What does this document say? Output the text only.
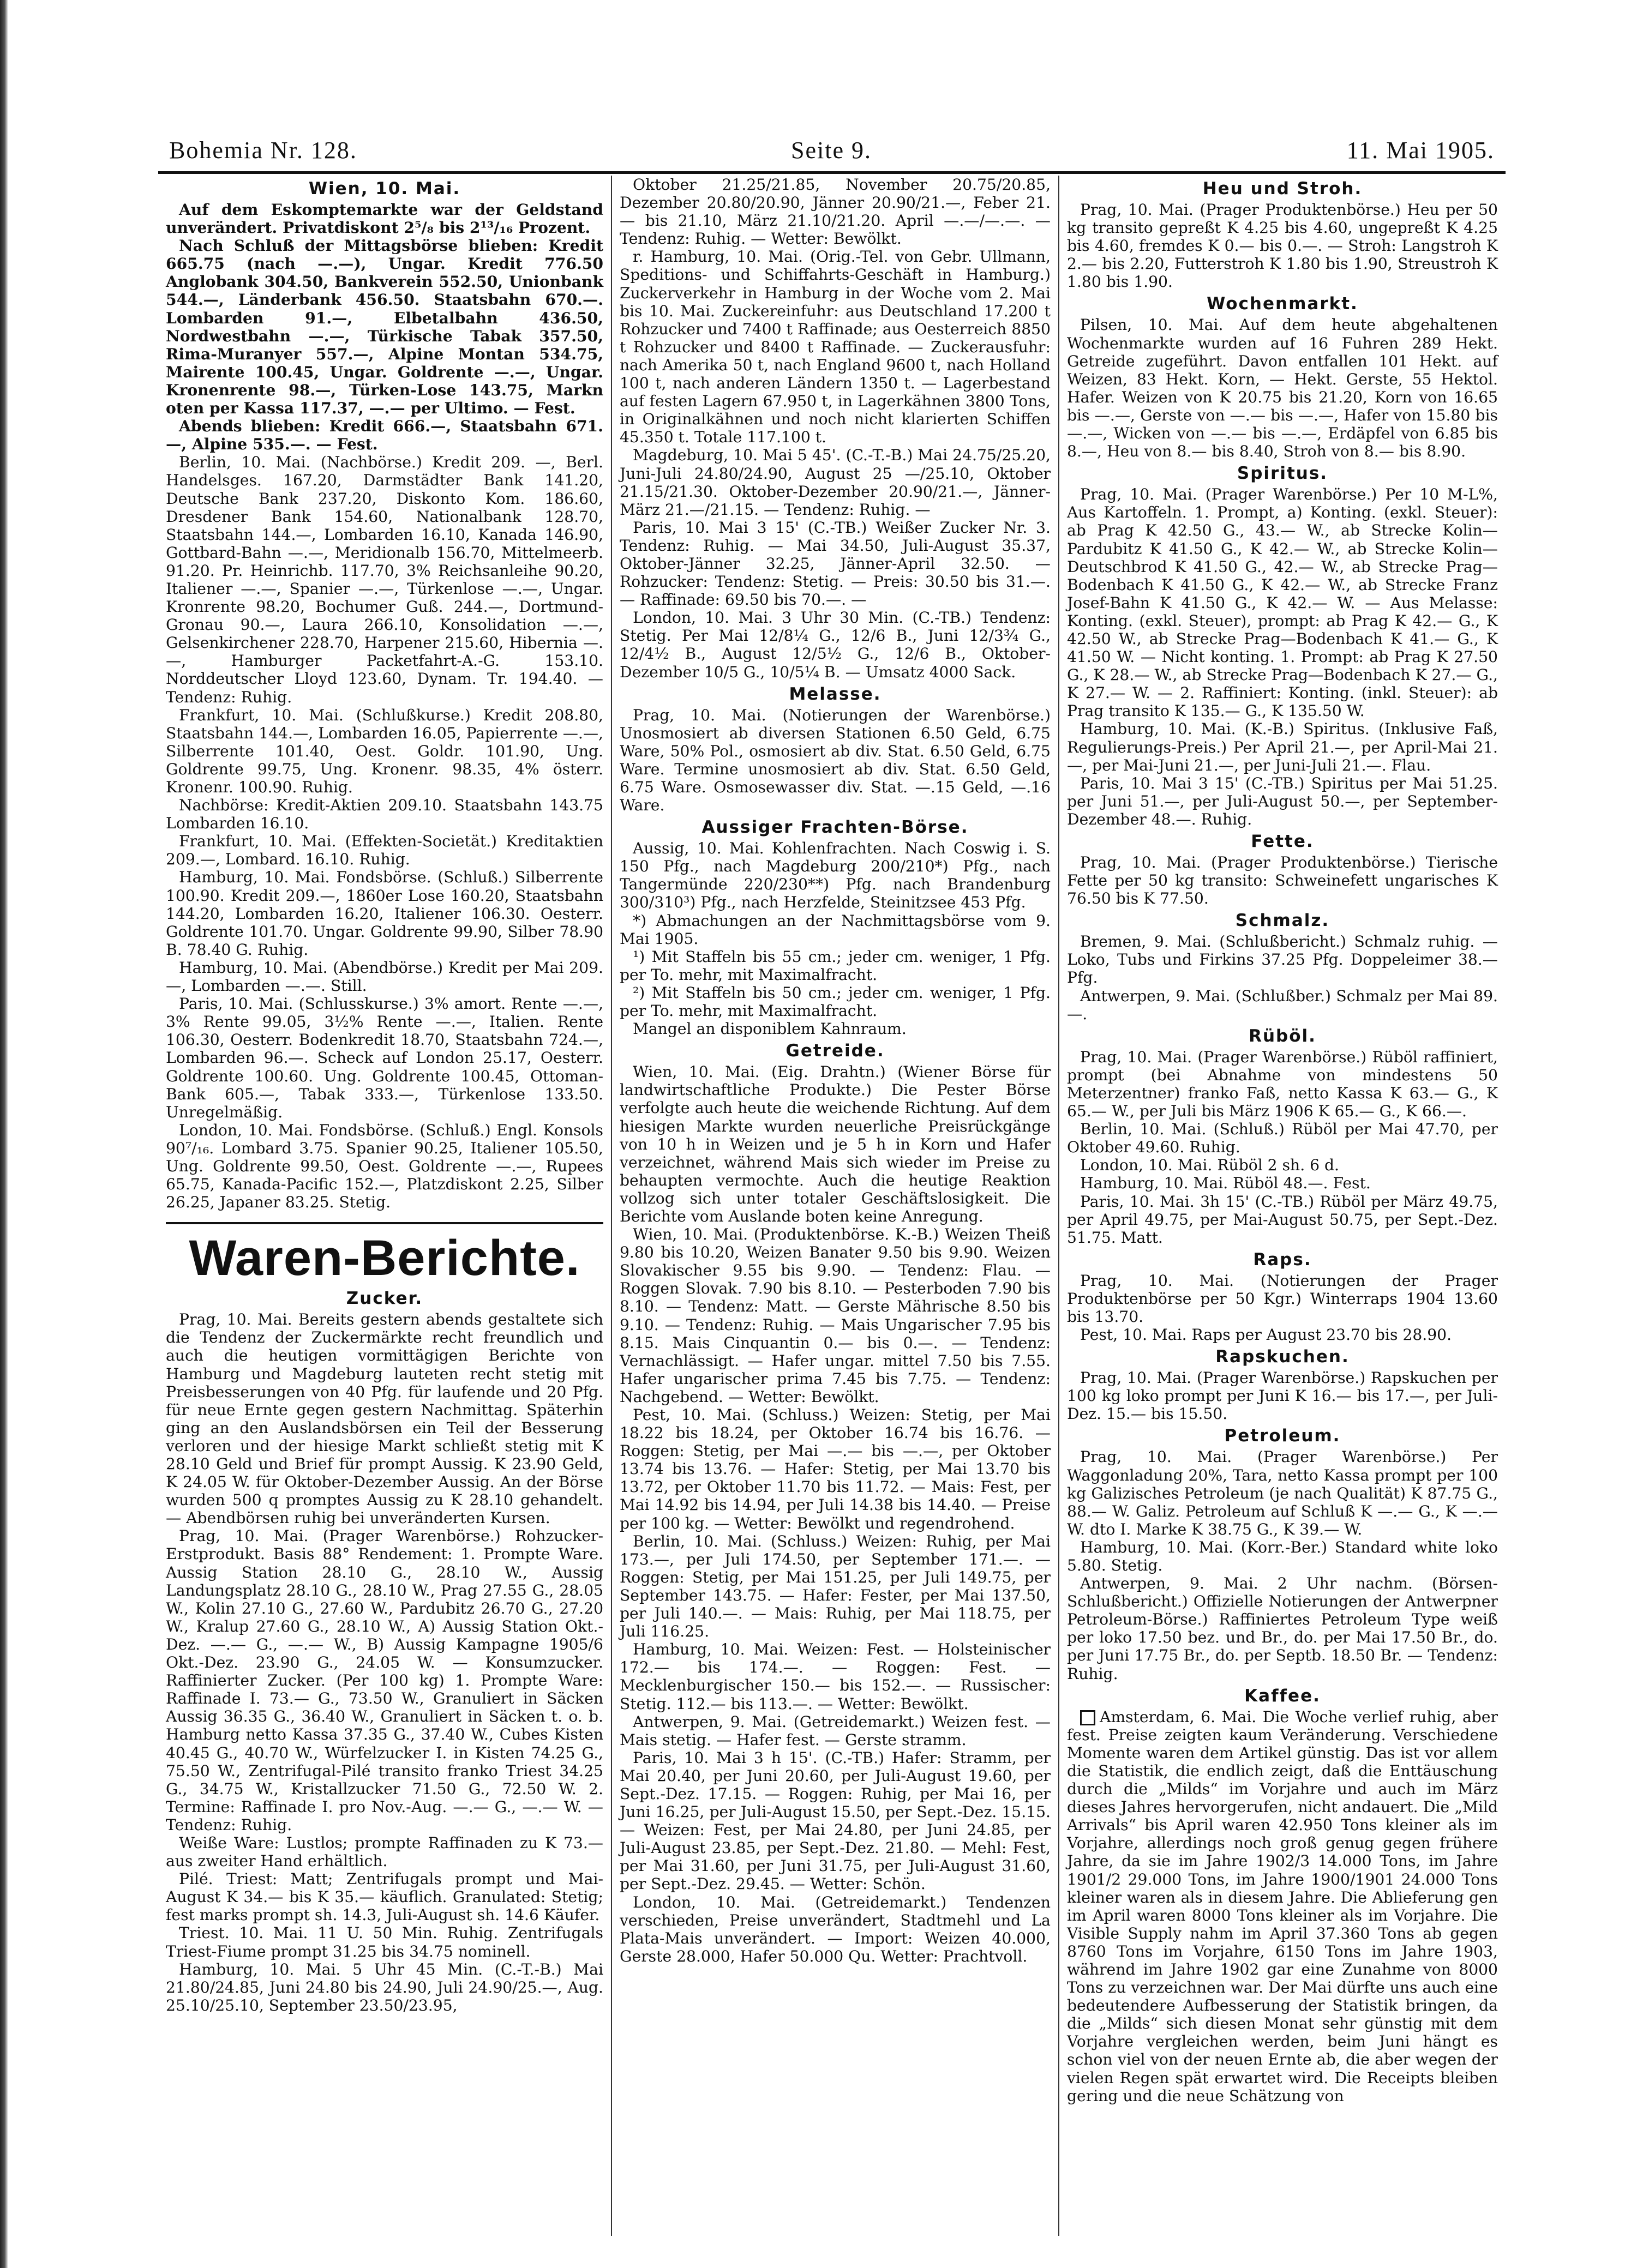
Bohemia Nr. 128.	Seite 9.	11. Mai 1905.
Wien, 10. Mai.

Auf dem Eskomptemarkte war der Geldstand unverändert. Privatdiskont 2⁵/₈ bis 2¹³/₁₆ Prozent.

Nach Schluß der Mittagsbörse blieben: Kredit 665.75 (nach —.—), Ungar. Kredit 776.50 Anglobank 304.50, Bankverein 552.50, Unionbank 544.—, Länderbank 456.50. Staatsbahn 670.—. Lombarden 91.—, Elbetalbahn 436.50, Nordwestbahn —.—, Türkische Tabak 357.50, Rima-Muranyer 557.—, Alpine Montan 534.75, Mairente 100.45, Ungar. Goldrente —.—, Ungar. Kronenrente 98.—, Türken-Lose 143.75, Markn oten per Kassa 117.37, —.— per Ultimo. — Fest.

Abends blieben: Kredit 666.—, Staatsbahn 671.—, Alpine 535.—. — Fest.

Berlin, 10. Mai. (Nachbörse.) Kredit 209. —, Berl. Handelsges. 167.20, Darmstädter Bank 141.20, Deutsche Bank 237.20, Diskonto Kom. 186.60, Dresdener Bank 154.60, Nationalbank 128.70, Staatsbahn 144.—, Lombarden 16.10, Kanada 146.90, Gottbard-Bahn —.—, Meridionalb 156.70, Mittelmeerb. 91.20. Pr. Heinrichb. 117.70, 3% Reichsanleihe 90.20, Italiener —.—, Spanier —.—, Türkenlose —.—, Ungar. Kronrente 98.20, Bochumer Guß. 244.—, Dortmund-Gronau 90.—, Laura 266.10, Konsolidation —.—, Gelsenkirchener 228.70, Harpener 215.60, Hibernia —.—, Hamburger Packetfahrt-A.-G. 153.10. Norddeutscher Lloyd 123.60, Dynam. Tr. 194.40. — Tendenz: Ruhig.

Frankfurt, 10. Mai. (Schlußkurse.) Kredit 208.80, Staatsbahn 144.—, Lombarden 16.05, Papierrente —.—, Silberrente 101.40, Oest. Goldr. 101.90, Ung. Goldrente 99.75, Ung. Kronenr. 98.35, 4% österr. Kronenr. 100.90. Ruhig.

Nachbörse: Kredit-Aktien 209.10. Staatsbahn 143.75 Lombarden 16.10.

Frankfurt, 10. Mai. (Effekten-Societät.) Kreditaktien 209.—, Lombard. 16.10. Ruhig.

Hamburg, 10. Mai. Fondsbörse. (Schluß.) Silberrente 100.90. Kredit 209.—, 1860er Lose 160.20, Staatsbahn 144.20, Lombarden 16.20, Italiener 106.30. Oesterr. Goldrente 101.70. Ungar. Goldrente 99.90, Silber 78.90 B. 78.40 G. Ruhig.

Hamburg, 10. Mai. (Abendbörse.) Kredit per Mai 209.—, Lombarden —.—. Still.

Paris, 10. Mai. (Schlusskurse.) 3% amort. Rente —.—, 3% Rente 99.05, 3½% Rente —.—, Italien. Rente 106.30, Oesterr. Bodenkredit 18.70, Staatsbahn 724.—, Lombarden 96.—. Scheck auf London 25.17, Oesterr. Goldrente 100.60. Ung. Goldrente 100.45, Ottoman-Bank 605.—, Tabak 333.—, Türkenlose 133.50. Unregelmäßig.

London, 10. Mai. Fondsbörse. (Schluß.) Engl. Konsols 90⁷/₁₆. Lombard 3.75. Spanier 90.25, Italiener 105.50, Ung. Goldrente 99.50, Oest. Goldrente —.—, Rupees 65.75, Kanada-Pacific 152.—, Platzdiskont 2.25, Silber 26.25, Japaner 83.25. Stetig.

Waren-Berichte.
Zucker.

Prag, 10. Mai. Bereits gestern abends gestaltete sich die Tendenz der Zuckermärkte recht freundlich und auch die heutigen vormittägigen Berichte von Hamburg und Magdeburg lauteten recht stetig mit Preisbesserungen von 40 Pfg. für laufende und 20 Pfg. für neue Ernte gegen gestern Nachmittag. Späterhin ging an den Auslandsbörsen ein Teil der Besserung verloren und der hiesige Markt schließt stetig mit K 28.10 Geld und Brief für prompt Aussig. K 23.90 Geld, K 24.05 W. für Oktober-Dezember Aussig. An der Börse wurden 500 q promptes Aussig zu K 28.10 gehandelt. — Abendbörsen ruhig bei unveränderten Kursen.

Prag, 10. Mai. (Prager Warenbörse.) Rohzucker-Erstprodukt. Basis 88° Rendement: 1. Prompte Ware. Aussig Station 28.10 G., 28.10 W., Aussig Landungsplatz 28.10 G., 28.10 W., Prag 27.55 G., 28.05 W., Kolin 27.10 G., 27.60 W., Pardubitz 26.70 G., 27.20 W., Kralup 27.60 G., 28.10 W., A) Aussig Station Okt.-Dez. —.— G., —.— W., B) Aussig Kampagne 1905/6 Okt.-Dez. 23.90 G., 24.05 W. — Konsumzucker. Raffinierter Zucker. (Per 100 kg) 1. Prompte Ware: Raffinade I. 73.— G., 73.50 W., Granuliert in Säcken Aussig 36.35 G., 36.40 W., Granuliert in Säcken t. o. b. Hamburg netto Kassa 37.35 G., 37.40 W., Cubes Kisten 40.45 G., 40.70 W., Würfelzucker I. in Kisten 74.25 G., 75.50 W., Zentrifugal-Pilé transito franko Triest 34.25 G., 34.75 W., Kristallzucker 71.50 G., 72.50 W. 2. Termine: Raffinade I. pro Nov.-Aug. —.— G., —.— W. — Tendenz: Ruhig.

Weiße Ware: Lustlos; prompte Raffinaden zu K 73.— aus zweiter Hand erhältlich.

Pilé. Triest: Matt; Zentrifugals prompt und Mai-August K 34.— bis K 35.— käuflich. Granulated: Stetig; fest marks prompt sh. 14.3, Juli-August sh. 14.6 Käufer.

Triest. 10. Mai. 11 U. 50 Min. Ruhig. Zentrifugals Triest-Fiume prompt 31.25 bis 34.75 nominell.

Hamburg, 10. Mai. 5 Uhr 45 Min. (C.-T.-B.) Mai 21.80/24.85, Juni 24.80 bis 24.90, Juli 24.90/25.—, Aug. 25.10/25.10, September 23.50/23.95,

Oktober 21.25/21.85, November 20.75/20.85, Dezember 20.80/20.90, Jänner 20.90/21.—, Feber 21.— bis 21.10, März 21.10/21.20. April —.—/—.—. — Tendenz: Ruhig. — Wetter: Bewölkt.

r. Hamburg, 10. Mai. (Orig.-Tel. von Gebr. Ullmann, Speditions- und Schiffahrts-Geschäft in Hamburg.) Zuckerverkehr in Hamburg in der Woche vom 2. Mai bis 10. Mai. Zuckereinfuhr: aus Deutschland 17.200 t Rohzucker und 7400 t Raffinade; aus Oesterreich 8850 t Rohzucker und 8400 t Raffinade. — Zuckerausfuhr: nach Amerika 50 t, nach England 9600 t, nach Holland 100 t, nach anderen Ländern 1350 t. — Lagerbestand auf festen Lagern 67.950 t, in Lagerkähnen 3800 Tons, in Originalkähnen und noch nicht klarierten Schiffen 45.350 t. Totale 117.100 t.

Magdeburg, 10. Mai 5 45'. (C.-T.-B.) Mai 24.75/25.20, Juni-Juli 24.80/24.90, August 25 —/25.10, Oktober 21.15/21.30. Oktober-Dezember 20.90/21.—, Jänner-März 21.—/21.15. — Tendenz: Ruhig. —

Paris, 10. Mai 3 15' (C.-TB.) Weißer Zucker Nr. 3. Tendenz: Ruhig. — Mai 34.50, Juli-August 35.37, Oktober-Jänner 32.25, Jänner-April 32.50. — Rohzucker: Tendenz: Stetig. — Preis: 30.50 bis 31.—. — Raffinade: 69.50 bis 70.—. —

London, 10. Mai. 3 Uhr 30 Min. (C.-TB.) Tendenz: Stetig. Per Mai 12/8¼ G., 12/6 B., Juni 12/3¾ G., 12/4½ B., August 12/5½ G., 12/6 B., Oktober-Dezember 10/5 G., 10/5¼ B. — Umsatz 4000 Sack.

Melasse.

Prag, 10. Mai. (Notierungen der Warenbörse.) Unosmosiert ab diversen Stationen 6.50 Geld, 6.75 Ware, 50% Pol., osmosiert ab div. Stat. 6.50 Geld, 6.75 Ware. Termine unosmosiert ab div. Stat. 6.50 Geld, 6.75 Ware. Osmosewasser div. Stat. —.15 Geld, —.16 Ware.

Aussiger Frachten-Börse.

Aussig, 10. Mai. Kohlenfrachten. Nach Coswig i. S. 150 Pfg., nach Magdeburg 200/210*) Pfg., nach Tangermünde 220/230**) Pfg. nach Brandenburg 300/310³) Pfg., nach Herzfelde, Steinitzsee 453 Pfg.

*) Abmachungen an der Nachmittagsbörse vom 9. Mai 1905.

¹) Mit Staffeln bis 55 cm.; jeder cm. weniger, 1 Pfg. per To. mehr, mit Maximalfracht.

²) Mit Staffeln bis 50 cm.; jeder cm. weniger, 1 Pfg. per To. mehr, mit Maximalfracht.

Mangel an disponiblem Kahnraum.

Getreide.

Wien, 10. Mai. (Eig. Drahtn.) (Wiener Börse für landwirtschaftliche Produkte.) Die Pester Börse verfolgte auch heute die weichende Richtung. Auf dem hiesigen Markte wurden neuerliche Preisrückgänge von 10 h in Weizen und je 5 h in Korn und Hafer verzeichnet, während Mais sich wieder im Preise zu behaupten vermochte. Auch die heutige Reaktion vollzog sich unter totaler Geschäftslosigkeit. Die Berichte vom Auslande boten keine Anregung.

Wien, 10. Mai. (Produktenbörse. K.-B.) Weizen Theiß 9.80 bis 10.20, Weizen Banater 9.50 bis 9.90. Weizen Slovakischer 9.55 bis 9.90. — Tendenz: Flau. — Roggen Slovak. 7.90 bis 8.10. — Pesterboden 7.90 bis 8.10. — Tendenz: Matt. — Gerste Mährische 8.50 bis 9.10. — Tendenz: Ruhig. — Mais Ungarischer 7.95 bis 8.15. Mais Cinquantin 0.— bis 0.—. — Tendenz: Vernachlässigt. — Hafer ungar. mittel 7.50 bis 7.55. Hafer ungarischer prima 7.45 bis 7.75. — Tendenz: Nachgebend. — Wetter: Bewölkt.

Pest, 10. Mai. (Schluss.) Weizen: Stetig, per Mai 18.22 bis 18.24, per Oktober 16.74 bis 16.76. — Roggen: Stetig, per Mai —.— bis —.—, per Oktober 13.74 bis 13.76. — Hafer: Stetig, per Mai 13.70 bis 13.72, per Oktober 11.70 bis 11.72. — Mais: Fest, per Mai 14.92 bis 14.94, per Juli 14.38 bis 14.40. — Preise per 100 kg. — Wetter: Bewölkt und regendrohend.

Berlin, 10. Mai. (Schluss.) Weizen: Ruhig, per Mai 173.—, per Juli 174.50, per September 171.—. — Roggen: Stetig, per Mai 151.25, per Juli 149.75, per September 143.75. — Hafer: Fester, per Mai 137.50, per Juli 140.—. — Mais: Ruhig, per Mai 118.75, per Juli 116.25.

Hamburg, 10. Mai. Weizen: Fest. — Holsteinischer 172.— bis 174.—. — Roggen: Fest. — Mecklenburgischer 150.— bis 152.—. — Russischer: Stetig. 112.— bis 113.—. — Wetter: Bewölkt.

Antwerpen, 9. Mai. (Getreidemarkt.) Weizen fest. — Mais stetig. — Hafer fest. — Gerste stramm.

Paris, 10. Mai 3 h 15'. (C.-TB.) Hafer: Stramm, per Mai 20.40, per Juni 20.60, per Juli-August 19.60, per Sept.-Dez. 17.15. — Roggen: Ruhig, per Mai 16, per Juni 16.25, per Juli-August 15.50, per Sept.-Dez. 15.15. — Weizen: Fest, per Mai 24.80, per Juni 24.85, per Juli-August 23.85, per Sept.-Dez. 21.80. — Mehl: Fest, per Mai 31.60, per Juni 31.75, per Juli-August 31.60, per Sept.-Dez. 29.45. — Wetter: Schön.

London, 10. Mai. (Getreidemarkt.) Tendenzen verschieden, Preise unverändert, Stadtmehl und La Plata-Mais unverändert. — Import: Weizen 40.000, Gerste 28.000, Hafer 50.000 Qu. Wetter: Prachtvoll.

Heu und Stroh.

Prag, 10. Mai. (Prager Produktenbörse.) Heu per 50 kg transito gepreßt K 4.25 bis 4.60, ungepreßt K 4.25 bis 4.60, fremdes K 0.— bis 0.—. — Stroh: Langstroh K 2.— bis 2.20, Futterstroh K 1.80 bis 1.90, Streustroh K 1.80 bis 1.90.

Wochenmarkt.

Pilsen, 10. Mai. Auf dem heute abgehaltenen Wochenmarkte wurden auf 16 Fuhren 289 Hekt. Getreide zugeführt. Davon entfallen 101 Hekt. auf Weizen, 83 Hekt. Korn, — Hekt. Gerste, 55 Hektol. Hafer. Weizen von K 20.75 bis 21.20, Korn von 16.65 bis —.—, Gerste von —.— bis —.—, Hafer von 15.80 bis —.—, Wicken von —.— bis —.—, Erdäpfel von 6.85 bis 8.—, Heu von 8.— bis 8.40, Stroh von 8.— bis 8.90.

Spiritus.

Prag, 10. Mai. (Prager Warenbörse.) Per 10 M-L%, Aus Kartoffeln. 1. Prompt, a) Konting. (exkl. Steuer): ab Prag K 42.50 G., 43.— W., ab Strecke Kolin—Pardubitz K 41.50 G., K 42.— W., ab Strecke Kolin—Deutschbrod K 41.50 G., 42.— W., ab Strecke Prag—Bodenbach K 41.50 G., K 42.— W., ab Strecke Franz Josef-Bahn K 41.50 G., K 42.— W. — Aus Melasse: Konting. (exkl. Steuer), prompt: ab Prag K 42.— G., K 42.50 W., ab Strecke Prag—Bodenbach K 41.— G., K 41.50 W. — Nicht konting. 1. Prompt: ab Prag K 27.50 G., K 28.— W., ab Strecke Prag—Bodenbach K 27.— G., K 27.— W. — 2. Raffiniert: Konting. (inkl. Steuer): ab Prag transito K 135.— G., K 135.50 W.

Hamburg, 10. Mai. (K.-B.) Spiritus. (Inklusive Faß, Regulierungs-Preis.) Per April 21.—, per April-Mai 21.—, per Mai-Juni 21.—, per Juni-Juli 21.—. Flau.

Paris, 10. Mai 3 15' (C.-TB.) Spiritus per Mai 51.25. per Juni 51.—, per Juli-August 50.—, per September-Dezember 48.—. Ruhig.

Fette.

Prag, 10. Mai. (Prager Produktenbörse.) Tierische Fette per 50 kg transito: Schweinefett ungarisches K 76.50 bis K 77.50.

Schmalz.

Bremen, 9. Mai. (Schlußbericht.) Schmalz ruhig. — Loko, Tubs und Firkins 37.25 Pfg. Doppeleimer 38.— Pfg.

Antwerpen, 9. Mai. (Schlußber.) Schmalz per Mai 89.—.

Rüböl.

Prag, 10. Mai. (Prager Warenbörse.) Rüböl raffiniert, prompt (bei Abnahme von mindestens 50 Meterzentner) franko Faß, netto Kassa K 63.— G., K 65.— W., per Juli bis März 1906 K 65.— G., K 66.—.

Berlin, 10. Mai. (Schluß.) Rüböl per Mai 47.70, per Oktober 49.60. Ruhig.

London, 10. Mai. Rüböl 2 sh. 6 d.

Hamburg, 10. Mai. Rüböl 48.—. Fest.

Paris, 10. Mai. 3h 15' (C.-TB.) Rüböl per März 49.75, per April 49.75, per Mai-August 50.75, per Sept.-Dez. 51.75. Matt.

Raps.

Prag, 10. Mai. (Notierungen der Prager Produktenbörse per 50 Kgr.) Winterraps 1904 13.60 bis 13.70.

Pest, 10. Mai. Raps per August 23.70 bis 28.90.

Rapskuchen.

Prag, 10. Mai. (Prager Warenbörse.) Rapskuchen per 100 kg loko prompt per Juni K 16.— bis 17.—, per Juli-Dez. 15.— bis 15.50.

Petroleum.

Prag, 10. Mai. (Prager Warenbörse.) Per Waggonladung 20%, Tara, netto Kassa prompt per 100 kg Galizisches Petroleum (je nach Qualität) K 87.75 G., 88.— W. Galiz. Petroleum auf Schluß K —.— G., K —.— W. dto I. Marke K 38.75 G., K 39.— W.

Hamburg, 10. Mai. (Korr.-Ber.) Standard white loko 5.80. Stetig.

Antwerpen, 9. Mai. 2 Uhr nachm. (Börsen-Schlußbericht.) Offizielle Notierungen der Antwerpner Petroleum-Börse.) Raffiniertes Petroleum Type weiß per loko 17.50 bez. und Br., do. per Mai 17.50 Br., do. per Juni 17.75 Br., do. per Septb. 18.50 Br. — Tendenz: Ruhig.

Kaffee.

Amsterdam, 6. Mai. Die Woche verlief ruhig, aber fest. Preise zeigten kaum Veränderung. Verschiedene Momente waren dem Artikel günstig. Das ist vor allem die Statistik, die endlich zeigt, daß die Enttäuschung durch die „Milds“ im Vorjahre und auch im März dieses Jahres hervorgerufen, nicht andauert. Die „Mild Arrivals“ bis April waren 42.950 Tons kleiner als im Vorjahre, allerdings noch groß genug gegen frühere Jahre, da sie im Jahre 1902/3 14.000 Tons, im Jahre 1901/2 29.000 Tons, im Jahre 1900/1901 24.000 Tons kleiner waren als in diesem Jahre. Die Ablieferung gen im April waren 8000 Tons kleiner als im Vorjahre. Die Visible Supply nahm im April 37.360 Tons ab gegen 8760 Tons im Vorjahre, 6150 Tons im Jahre 1903, während im Jahre 1902 gar eine Zunahme von 8000 Tons zu verzeichnen war. Der Mai dürfte uns auch eine bedeutendere Aufbesserung der Statistik bringen, da die „Milds“ sich diesen Monat sehr günstig mit dem Vorjahre vergleichen werden, beim Juni hängt es schon viel von der neuen Ernte ab, die aber wegen der vielen Regen spät erwartet wird. Die Receipts bleiben gering und die neue Schätzung von
